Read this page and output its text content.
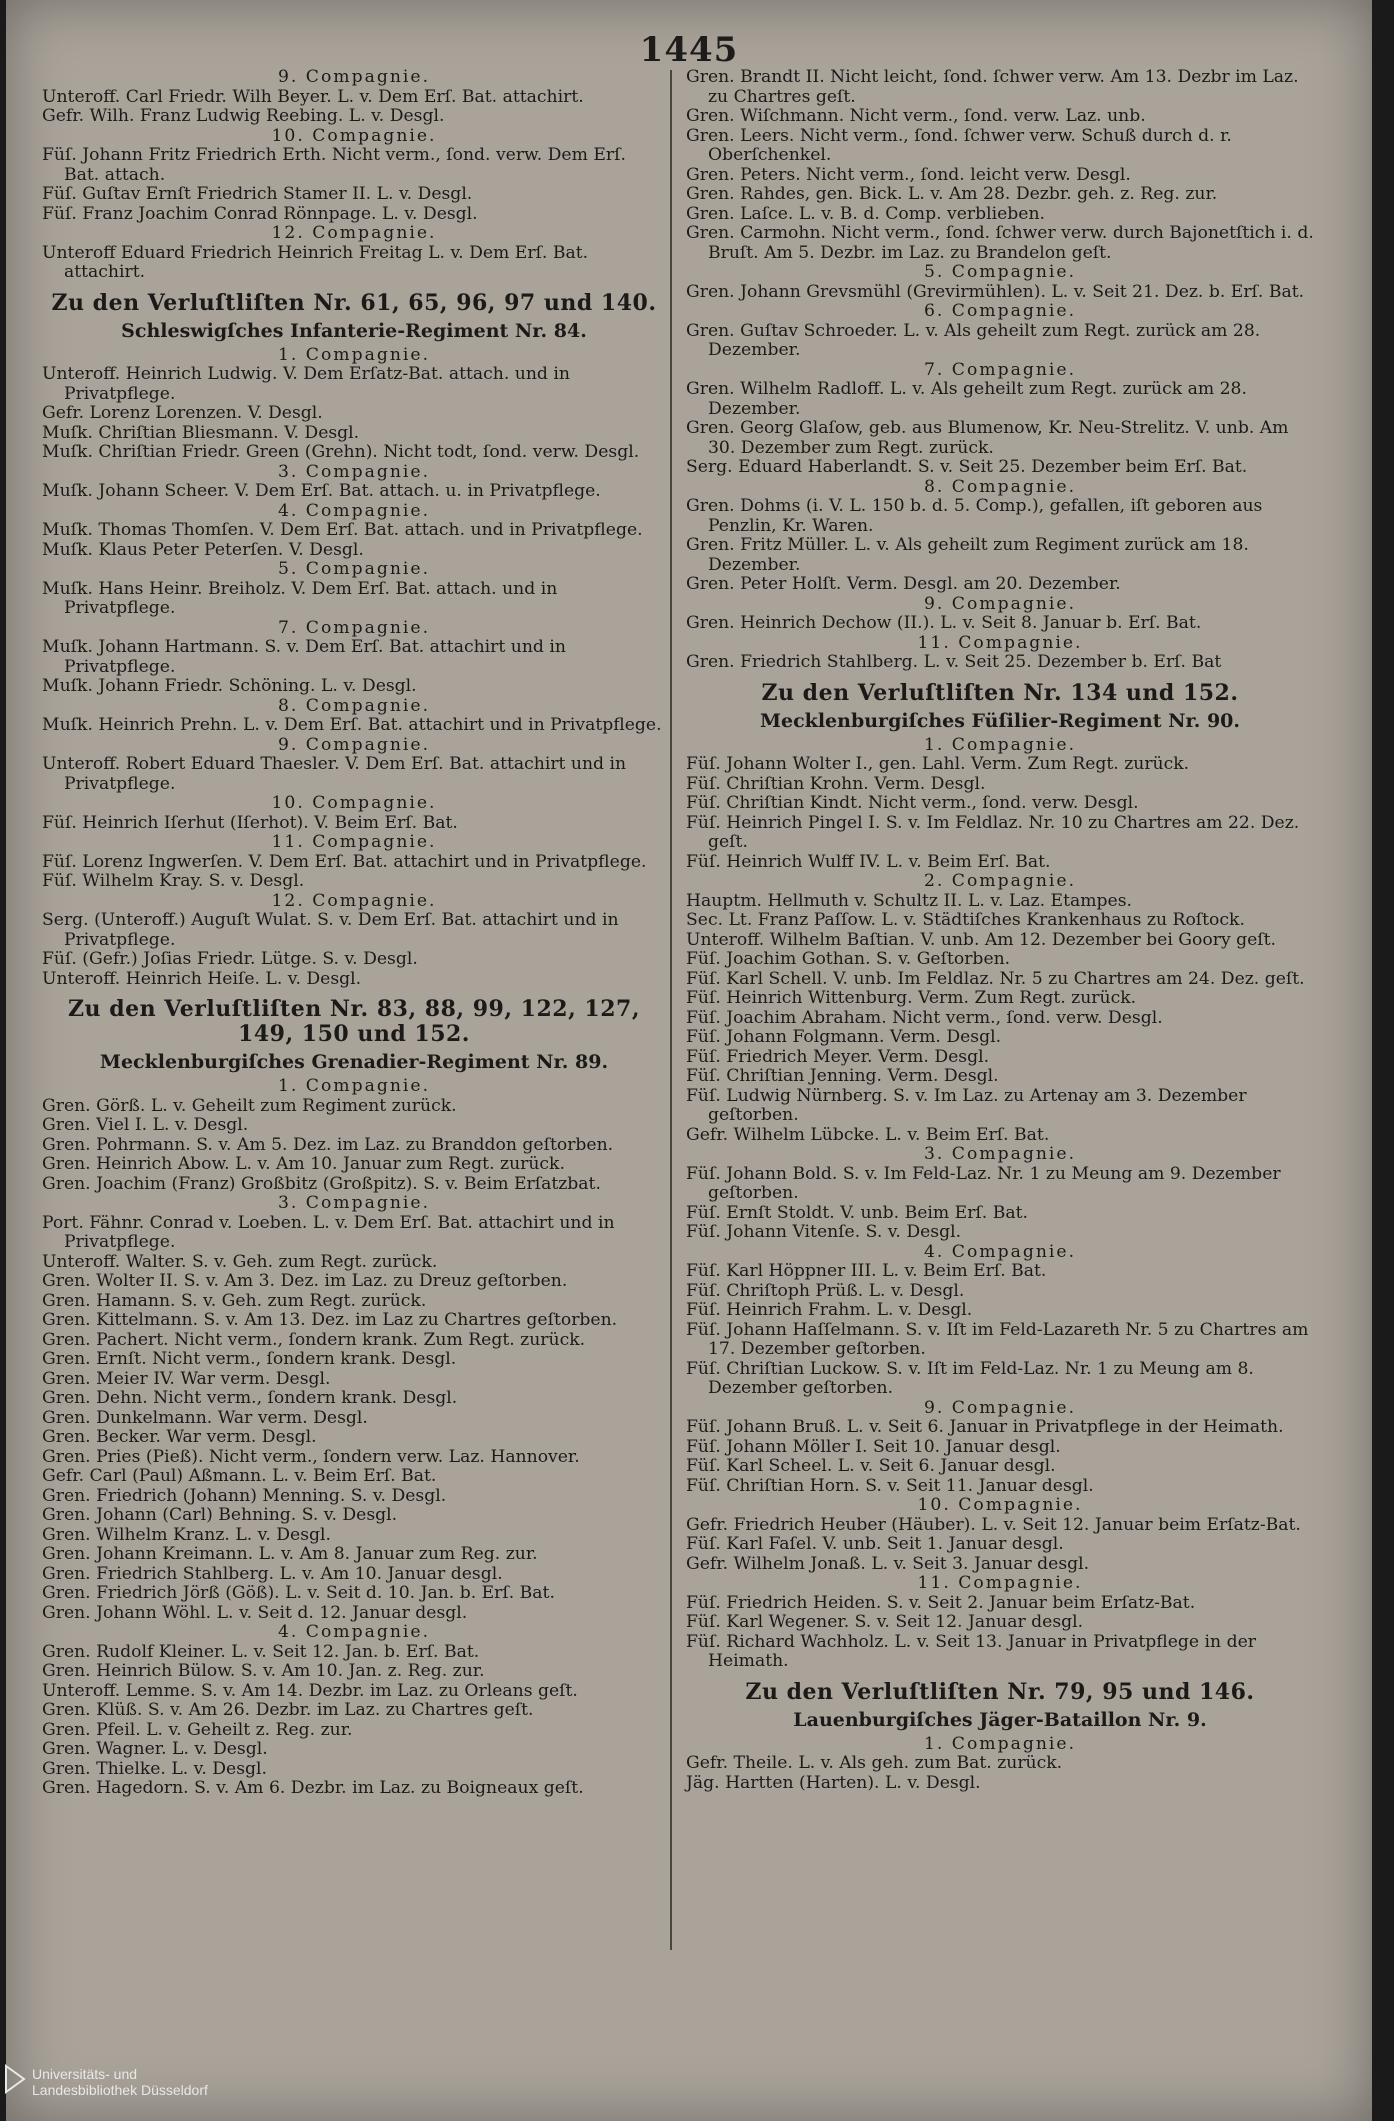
1445

9. Compagnie.

Unteroff. Carl Friedr. Wilh Beyer. L. v. Dem Erſ. Bat. attachirt.

Gefr. Wilh. Franz Ludwig Reebing. L. v. Desgl.

10. Compagnie.

Füſ. Johann Fritz Friedrich Erth. Nicht verm., ſond. verw. Dem Erſ. Bat. attach.

Füſ. Guſtav Ernſt Friedrich Stamer II. L. v. Desgl.

Füſ. Franz Joachim Conrad Rönnpage. L. v. Desgl.

12. Compagnie.

Unteroff Eduard Friedrich Heinrich Freitag L. v. Dem Erſ. Bat. attachirt.

Zu den Verluſtliſten Nr. 61, 65, 96, 97 und 140.

Schleswigſches Infanterie-Regiment Nr. 84.

1. Compagnie.

Unteroff. Heinrich Ludwig. V. Dem Erſatz-Bat. attach. und in Privatpflege.

Gefr. Lorenz Lorenzen. V. Desgl.

Muſk. Chriſtian Bliesmann. V. Desgl.

Muſk. Chriſtian Friedr. Green (Grehn). Nicht todt, ſond. verw. Desgl.

3. Compagnie.

Muſk. Johann Scheer. V. Dem Erſ. Bat. attach. u. in Privatpflege.

4. Compagnie.

Muſk. Thomas Thomſen. V. Dem Erſ. Bat. attach. und in Privatpflege.

Muſk. Klaus Peter Peterſen. V. Desgl.

5. Compagnie.

Muſk. Hans Heinr. Breiholz. V. Dem Erſ. Bat. attach. und in Privatpflege.

7. Compagnie.

Muſk. Johann Hartmann. S. v. Dem Erſ. Bat. attachirt und in Privatpflege.

Muſk. Johann Friedr. Schöning. L. v. Desgl.

8. Compagnie.

Muſk. Heinrich Prehn. L. v. Dem Erſ. Bat. attachirt und in Privatpflege.

9. Compagnie.

Unteroff. Robert Eduard Thaesler. V. Dem Erſ. Bat. attachirt und in Privatpflege.

10. Compagnie.

Füſ. Heinrich Iſerhut (Iſerhot). V. Beim Erſ. Bat.

11. Compagnie.

Füſ. Lorenz Ingwerſen. V. Dem Erſ. Bat. attachirt und in Privatpflege.

Füſ. Wilhelm Kray. S. v. Desgl.

12. Compagnie.

Serg. (Unteroff.) Auguſt Wulat. S. v. Dem Erſ. Bat. attachirt und in Privatpflege.

Füſ. (Gefr.) Joſias Friedr. Lütge. S. v. Desgl.

Unteroff. Heinrich Heiſe. L. v. Desgl.

Zu den Verluſtliſten Nr. 83, 88, 99, 122, 127, 149, 150 und 152.

Mecklenburgiſches Grenadier-Regiment Nr. 89.

1. Compagnie.

Gren. Görß. L. v. Geheilt zum Regiment zurück.

Gren. Viel I. L. v. Desgl.

Gren. Pohrmann. S. v. Am 5. Dez. im Laz. zu Branddon geſtorben.

Gren. Heinrich Abow. L. v. Am 10. Januar zum Regt. zurück.

Gren. Joachim (Franz) Großbitz (Großpitz). S. v. Beim Erſatzbat.

3. Compagnie.

Port. Fähnr. Conrad v. Loeben. L. v. Dem Erſ. Bat. attachirt und in Privatpflege.

Unteroff. Walter. S. v. Geh. zum Regt. zurück.

Gren. Wolter II. S. v. Am 3. Dez. im Laz. zu Dreuz geſtorben.

Gren. Hamann. S. v. Geh. zum Regt. zurück.

Gren. Kittelmann. S. v. Am 13. Dez. im Laz zu Chartres geſtorben.

Gren. Pachert. Nicht verm., ſondern krank. Zum Regt. zurück.

Gren. Ernſt. Nicht verm., ſondern krank. Desgl.

Gren. Meier IV. War verm. Desgl.

Gren. Dehn. Nicht verm., ſondern krank. Desgl.

Gren. Dunkelmann. War verm. Desgl.

Gren. Becker. War verm. Desgl.

Gren. Pries (Pieß). Nicht verm., ſondern verw. Laz. Hannover.

Gefr. Carl (Paul) Aßmann. L. v. Beim Erſ. Bat.

Gren. Friedrich (Johann) Menning. S. v. Desgl.

Gren. Johann (Carl) Behning. S. v. Desgl.

Gren. Wilhelm Kranz. L. v. Desgl.

Gren. Johann Kreimann. L. v. Am 8. Januar zum Reg. zur.

Gren. Friedrich Stahlberg. L. v. Am 10. Januar desgl.

Gren. Friedrich Jörß (Göß). L. v. Seit d. 10. Jan. b. Erſ. Bat.

Gren. Johann Wöhl. L. v. Seit d. 12. Januar desgl.

4. Compagnie.

Gren. Rudolf Kleiner. L. v. Seit 12. Jan. b. Erſ. Bat.

Gren. Heinrich Bülow. S. v. Am 10. Jan. z. Reg. zur.

Unteroff. Lemme. S. v. Am 14. Dezbr. im Laz. zu Orleans geſt.

Gren. Klüß. S. v. Am 26. Dezbr. im Laz. zu Chartres geſt.

Gren. Pfeil. L. v. Geheilt z. Reg. zur.

Gren. Wagner. L. v. Desgl.

Gren. Thielke. L. v. Desgl.

Gren. Hagedorn. S. v. Am 6. Dezbr. im Laz. zu Boigneaux geſt.

Gren. Brandt II. Nicht leicht, ſond. ſchwer verw. Am 13. Dezbr im Laz. zu Chartres geſt.

Gren. Wiſchmann. Nicht verm., ſond. verw. Laz. unb.

Gren. Leers. Nicht verm., ſond. ſchwer verw. Schuß durch d. r. Oberſchenkel.

Gren. Peters. Nicht verm., ſond. leicht verw. Desgl.

Gren. Rahdes, gen. Bick. L. v. Am 28. Dezbr. geh. z. Reg. zur.

Gren. Laſce. L. v. B. d. Comp. verblieben.

Gren. Carmohn. Nicht verm., ſond. ſchwer verw. durch Bajonetſtich i. d. Bruſt. Am 5. Dezbr. im Laz. zu Brandelon geſt.

5. Compagnie.

Gren. Johann Grevsmühl (Grevirmühlen). L. v. Seit 21. Dez. b. Erſ. Bat.

6. Compagnie.

Gren. Guſtav Schroeder. L. v. Als geheilt zum Regt. zurück am 28. Dezember.

7. Compagnie.

Gren. Wilhelm Radloff. L. v. Als geheilt zum Regt. zurück am 28. Dezember.

Gren. Georg Glaſow, geb. aus Blumenow, Kr. Neu-Strelitz. V. unb. Am 30. Dezember zum Regt. zurück.

Serg. Eduard Haberlandt. S. v. Seit 25. Dezember beim Erſ. Bat.

8. Compagnie.

Gren. Dohms (i. V. L. 150 b. d. 5. Comp.), gefallen, iſt geboren aus Penzlin, Kr. Waren.

Gren. Fritz Müller. L. v. Als geheilt zum Regiment zurück am 18. Dezember.

Gren. Peter Holſt. Verm. Desgl. am 20. Dezember.

9. Compagnie.

Gren. Heinrich Dechow (II.). L. v. Seit 8. Januar b. Erſ. Bat.

11. Compagnie.

Gren. Friedrich Stahlberg. L. v. Seit 25. Dezember b. Erſ. Bat

Zu den Verluſtliſten Nr. 134 und 152.

Mecklenburgiſches Füſilier-Regiment Nr. 90.

1. Compagnie.

Füſ. Johann Wolter I., gen. Lahl. Verm. Zum Regt. zurück.

Füſ. Chriſtian Krohn. Verm. Desgl.

Füſ. Chriſtian Kindt. Nicht verm., ſond. verw. Desgl.

Füſ. Heinrich Pingel I. S. v. Im Feldlaz. Nr. 10 zu Chartres am 22. Dez. geſt.

Füſ. Heinrich Wulff IV. L. v. Beim Erſ. Bat.

2. Compagnie.

Hauptm. Hellmuth v. Schultz II. L. v. Laz. Etampes.

Sec. Lt. Franz Paſſow. L. v. Städtiſches Krankenhaus zu Roſtock.

Unteroff. Wilhelm Baſtian. V. unb. Am 12. Dezember bei Goory geſt.

Füſ. Joachim Gothan. S. v. Geſtorben.

Füſ. Karl Schell. V. unb. Im Feldlaz. Nr. 5 zu Chartres am 24. Dez. geſt.

Füſ. Heinrich Wittenburg. Verm. Zum Regt. zurück.

Füſ. Joachim Abraham. Nicht verm., ſond. verw. Desgl.

Füſ. Johann Folgmann. Verm. Desgl.

Füſ. Friedrich Meyer. Verm. Desgl.

Füſ. Chriſtian Jenning. Verm. Desgl.

Füſ. Ludwig Nürnberg. S. v. Im Laz. zu Artenay am 3. Dezember geſtorben.

Gefr. Wilhelm Lübcke. L. v. Beim Erſ. Bat.

3. Compagnie.

Füſ. Johann Bold. S. v. Im Feld-Laz. Nr. 1 zu Meung am 9. Dezember geſtorben.

Füſ. Ernſt Stoldt. V. unb. Beim Erſ. Bat.

Füſ. Johann Vitenſe. S. v. Desgl.

4. Compagnie.

Füſ. Karl Höppner III. L. v. Beim Erſ. Bat.

Füſ. Chriſtoph Prüß. L. v. Desgl.

Füſ. Heinrich Frahm. L. v. Desgl.

Füſ. Johann Haſſelmann. S. v. Iſt im Feld-Lazareth Nr. 5 zu Chartres am 17. Dezember geſtorben.

Füſ. Chriſtian Luckow. S. v. Iſt im Feld-Laz. Nr. 1 zu Meung am 8. Dezember geſtorben.

9. Compagnie.

Füſ. Johann Bruß. L. v. Seit 6. Januar in Privatpflege in der Heimath.

Füſ. Johann Möller I. Seit 10. Januar desgl.

Füſ. Karl Scheel. L. v. Seit 6. Januar desgl.

Füſ. Chriſtian Horn. S. v. Seit 11. Januar desgl.

10. Compagnie.

Gefr. Friedrich Heuber (Häuber). L. v. Seit 12. Januar beim Erſatz-Bat.

Füſ. Karl Faſel. V. unb. Seit 1. Januar desgl.

Gefr. Wilhelm Jonaß. L. v. Seit 3. Januar desgl.

11. Compagnie.

Füſ. Friedrich Heiden. S. v. Seit 2. Januar beim Erſatz-Bat.

Füſ. Karl Wegener. S. v. Seit 12. Januar desgl.

Füſ. Richard Wachholz. L. v. Seit 13. Januar in Privatpflege in der Heimath.

Zu den Verluſtliſten Nr. 79, 95 und 146.

Lauenburgiſches Jäger-Bataillon Nr. 9.

1. Compagnie.

Gefr. Theile. L. v. Als geh. zum Bat. zurück.

Jäg. Hartten (Harten). L. v. Desgl.

Universitäts- und
Landesbibliothek Düsseldorf
